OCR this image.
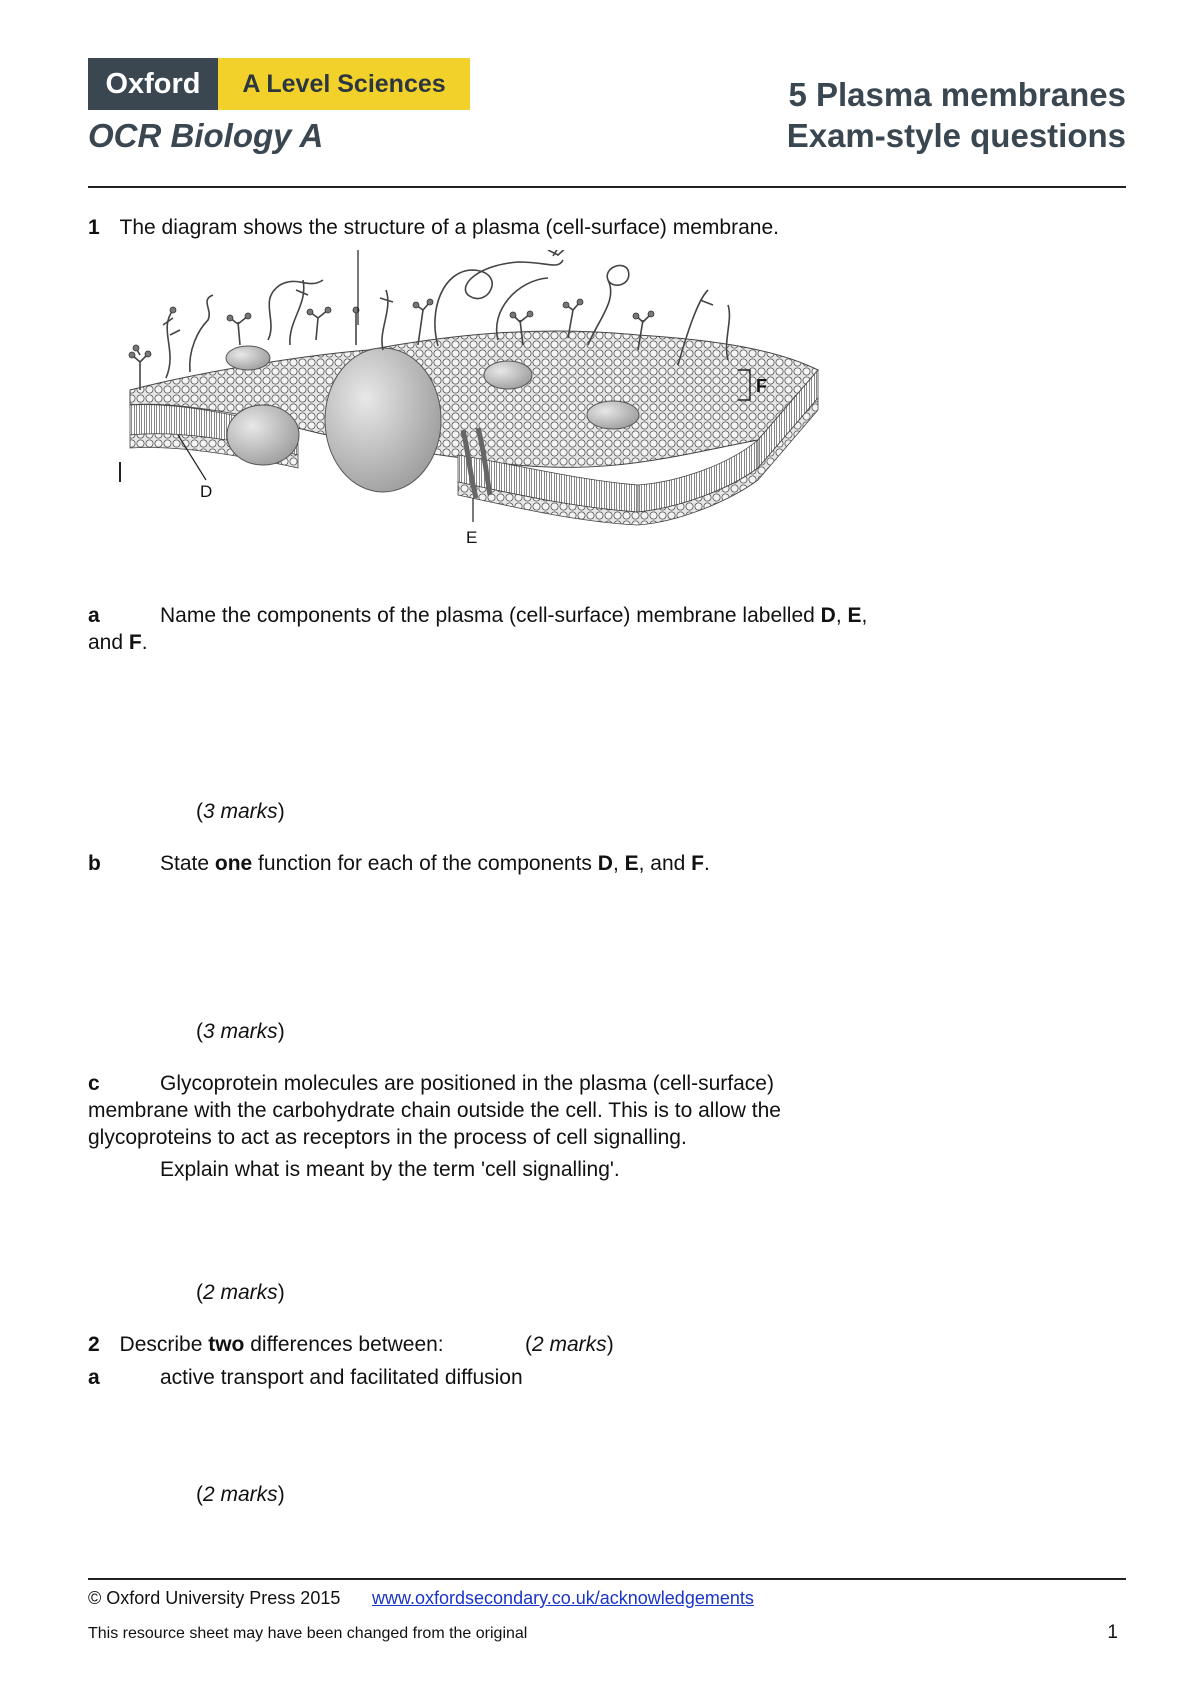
Oxford	A Level Sciences
OCR Biology A
5 Plasma membranes
Exam-style questions
1 The diagram shows the structure of a plasma (cell-surface) membrane.
D
E
F
a	Name the components of the plasma (cell-surface) membrane labelled D, E,
and F.
(3 marks)
b	State one function for each of the components D, E, and F.
(3 marks)
c	Glycoprotein molecules are positioned in the plasma (cell-surface)
membrane with the carbohydrate chain outside the cell. This is to allow the
glycoproteins to act as receptors in the process of cell signalling.
Explain what is meant by the term 'cell signalling'.
(2 marks)
2 Describe two differences between:	(2 marks)
a	active transport and facilitated diffusion
(2 marks)
© Oxford University Press 2015 www.oxfordsecondary.co.uk/acknowledgements
This resource sheet may have been changed from the original	1
